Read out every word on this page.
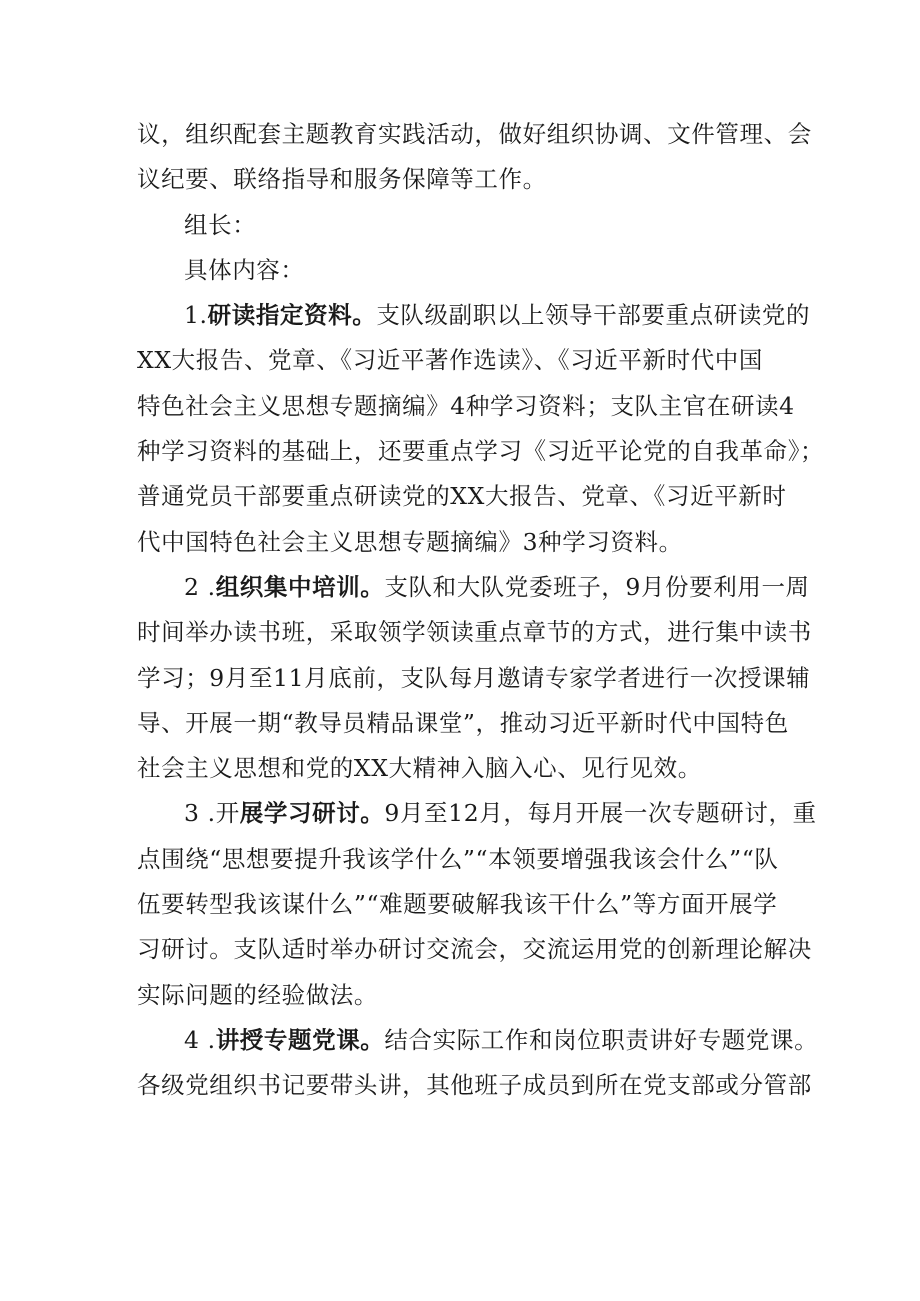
议，组织配套主题教育实践活动，做好组织协调、文件管理、会
议纪要、联络指导和服务保障等工作。

组长：

具体内容：

1.研读指定资料。支队级副职以上领导干部要重点研读党的
XX大报告、党章、《习近平著作选读》、《习近平新时代中国
特色社会主义思想专题摘编》4种学习资料；支队主官在研读4
种学习资料的基础上，还要重点学习《习近平论党的自我革命》；
普通党员干部要重点研读党的XX大报告、党章、《习近平新时
代中国特色社会主义思想专题摘编》3种学习资料。

2 .组织集中培训。支队和大队党委班子，9月份要利用一周
时间举办读书班，采取领学领读重点章节的方式，进行集中读书
学习；9月至11月底前，支队每月邀请专家学者进行一次授课辅
导、开展一期“教导员精品课堂”，推动习近平新时代中国特色
社会主义思想和党的XX大精神入脑入心、见行见效。

3 .开展学习研讨。9月至12月，每月开展一次专题研讨，重
点围绕“思想要提升我该学什么”“本领要增强我该会什么”“队
伍要转型我该谋什么”“难题要破解我该干什么”等方面开展学
习研讨。支队适时举办研讨交流会，交流运用党的创新理论解决
实际问题的经验做法。

4 .讲授专题党课。结合实际工作和岗位职责讲好专题党课。
各级党组织书记要带头讲，其他班子成员到所在党支部或分管部
